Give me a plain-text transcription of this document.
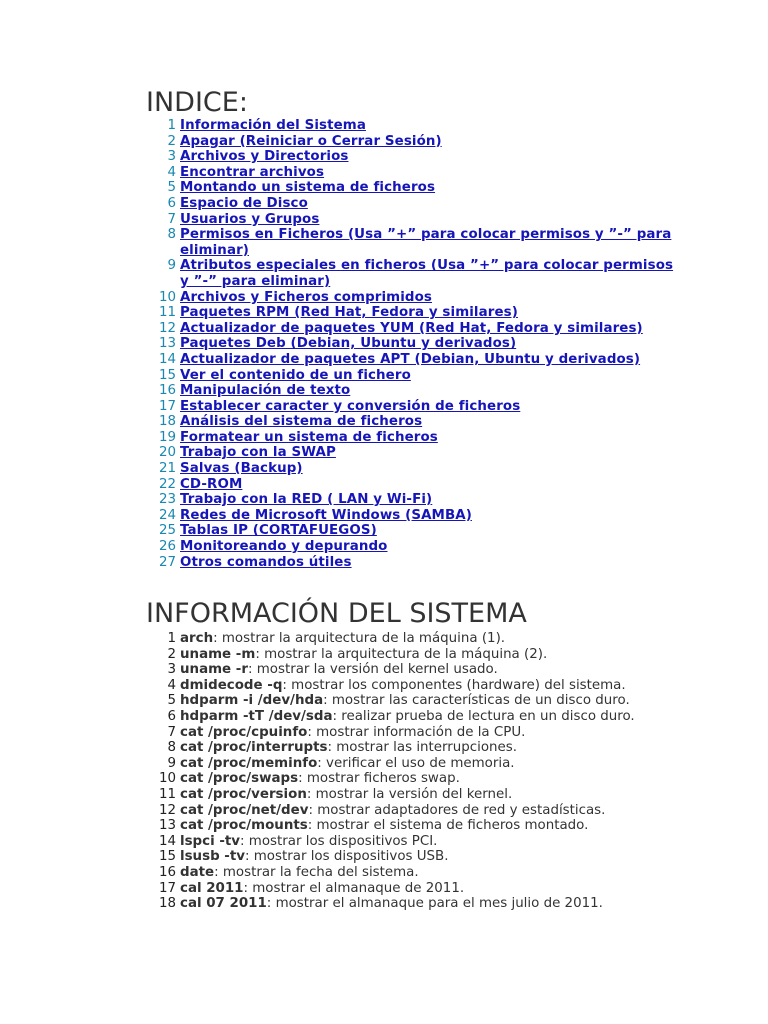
INDICE:
1 Información del Sistema
2 Apagar (Reiniciar o Cerrar Sesión)
3 Archivos y Directorios
4 Encontrar archivos
5 Montando un sistema de ficheros
6 Espacio de Disco
7 Usuarios y Grupos
8 Permisos en Ficheros (Usa ”+” para colocar permisos y ”-” para eliminar)
9 Atributos especiales en ficheros (Usa ”+” para colocar permisos y ”-” para eliminar)
10 Archivos y Ficheros comprimidos
11 Paquetes RPM (Red Hat, Fedora y similares)
12 Actualizador de paquetes YUM (Red Hat, Fedora y similares)
13 Paquetes Deb (Debian, Ubuntu y derivados)
14 Actualizador de paquetes APT (Debian, Ubuntu y derivados)
15 Ver el contenido de un fichero
16 Manipulación de texto
17 Establecer caracter y conversión de ficheros
18 Análisis del sistema de ficheros
19 Formatear un sistema de ficheros
20 Trabajo con la SWAP
21 Salvas (Backup)
22 CD-ROM
23 Trabajo con la RED ( LAN y Wi-Fi)
24 Redes de Microsoft Windows (SAMBA)
25 Tablas IP (CORTAFUEGOS)
26 Monitoreando y depurando
27 Otros comandos útiles
INFORMACIÓN DEL SISTEMA
1 arch: mostrar la arquitectura de la máquina (1).
2 uname -m: mostrar la arquitectura de la máquina (2).
3 uname -r: mostrar la versión del kernel usado.
4 dmidecode -q: mostrar los componentes (hardware) del sistema.
5 hdparm -i /dev/hda: mostrar las características de un disco duro.
6 hdparm -tT /dev/sda: realizar prueba de lectura en un disco duro.
7 cat /proc/cpuinfo: mostrar información de la CPU.
8 cat /proc/interrupts: mostrar las interrupciones.
9 cat /proc/meminfo: verificar el uso de memoria.
10 cat /proc/swaps: mostrar ficheros swap.
11 cat /proc/version: mostrar la versión del kernel.
12 cat /proc/net/dev: mostrar adaptadores de red y estadísticas.
13 cat /proc/mounts: mostrar el sistema de ficheros montado.
14 lspci -tv: mostrar los dispositivos PCI.
15 lsusb -tv: mostrar los dispositivos USB.
16 date: mostrar la fecha del sistema.
17 cal 2011: mostrar el almanaque de 2011.
18 cal 07 2011: mostrar el almanaque para el mes julio de 2011.
